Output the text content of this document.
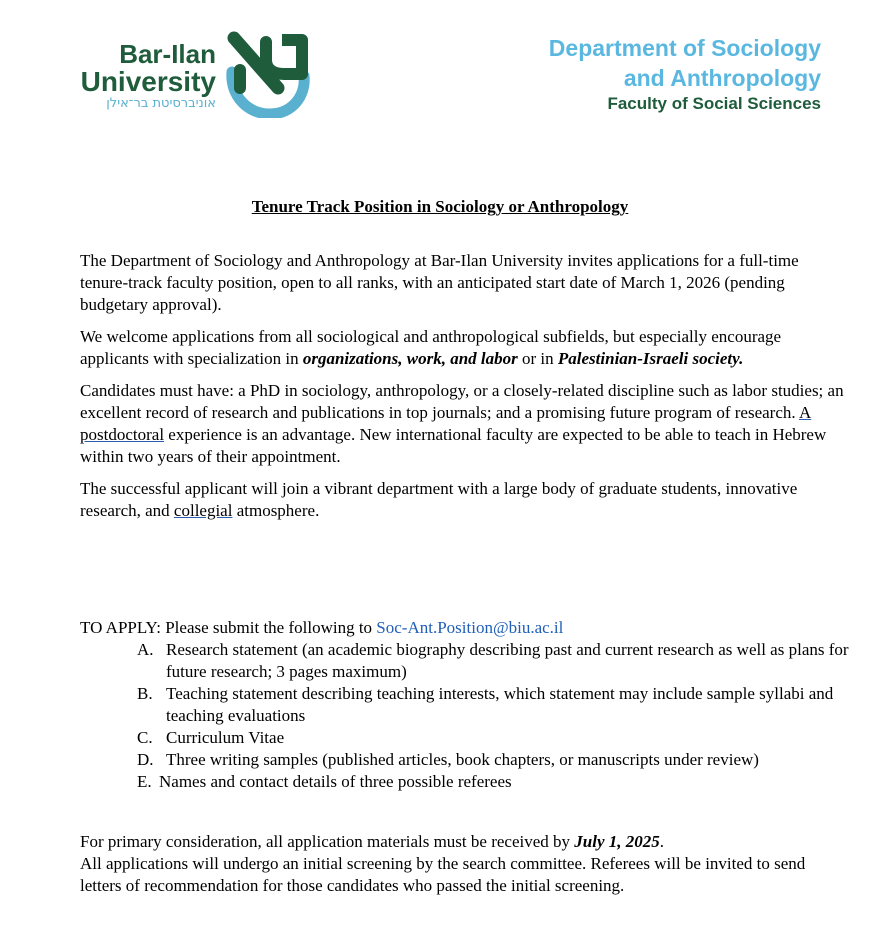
Bar-Ilan
University
אוניברסיטת בר־אילן
Department of Sociology
and Anthropology
Faculty of Social Sciences
Tenure Track Position in Sociology or Anthropology

The Department of Sociology and Anthropology at Bar-Ilan University invites applications for a full-time tenure-track faculty position, open to all ranks, with an anticipated start date of March 1, 2026 (pending budgetary approval).

We welcome applications from all sociological and anthropological subfields, but especially encourage applicants with specialization in organizations, work, and labor or in Palestinian-Israeli society.

Candidates must have: a PhD in sociology, anthropology, or a closely-related discipline such as labor studies; an excellent record of research and publications in top journals; and a promising future program of research. A postdoctoral experience is an advantage. New international faculty are expected to be able to teach in Hebrew within two years of their appointment.

The successful applicant will join a vibrant department with a large body of graduate students, innovative research, and collegial atmosphere.

TO APPLY: Please submit the following to Soc-Ant.Position@biu.ac.il
A. Research statement (an academic biography describing past and current research as well as plans for future research; 3 pages maximum)
B. Teaching statement describing teaching interests, which statement may include sample syllabi and teaching evaluations
C. Curriculum Vitae
D. Three writing samples (published articles, book chapters, or manuscripts under review)
E. Names and contact details of three possible referees

For primary consideration, all application materials must be received by July 1, 2025.

All applications will undergo an initial screening by the search committee. Referees will be invited to send letters of recommendation for those candidates who passed the initial screening.
